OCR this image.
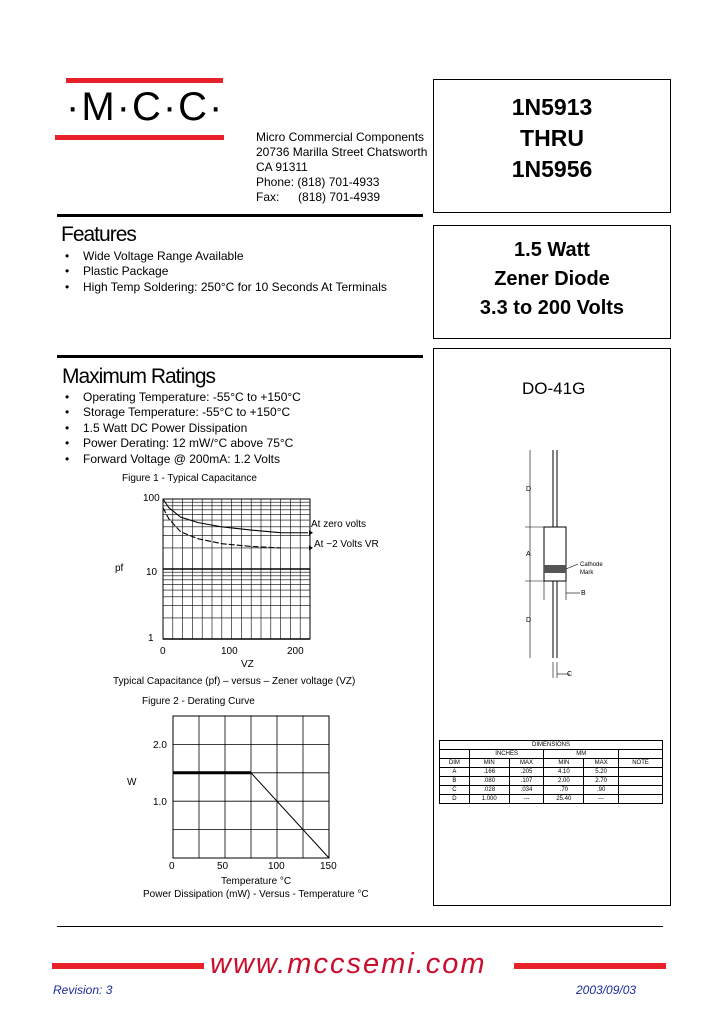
·M·C·C·
Micro Commercial Components
20736 Marilla Street Chatsworth
CA 91311
Phone: (818) 701-4933
Fax: (818) 701-4939
1N5913
THRU
1N5956
1.5 Watt
Zener Diode
3.3 to 200 Volts
Features
• Wide Voltage Range Available
• Plastic Package
• High Temp Soldering: 250°C for 10 Seconds At Terminals
Maximum Ratings
• Operating Temperature: -55°C to +150°C
• Storage Temperature: -55°C to +150°C
• 1.5 Watt DC Power Dissipation
• Power Derating: 12 mW/°C above 75°C
• Forward Voltage @ 200mA: 1.2 Volts
Figure 1 - Typical Capacitance
100
10
1
pf
0	100	200
VZ
At zero volts
At −2 Volts VR
Typical Capacitance (pf) – versus – Zener voltage (VZ)
Figure 2 - Derating Curve
2.0
1.0
W
0	50	100	150
Temperature °C
Power Dissipation (mW) - Versus - Temperature °C
DO-41G
D
A
B
D
C
Cathode Mark
DIMENSIONS					
	INCHES		MM		
DIM	MIN	MAX	MIN	MAX	NOTE
A	.166	.205	4.10	5.20	
B	.080	.107	2.00	2.70	
C	.028	.034	.70	.90	
D	1.000	---	25.40	---	
www.mccsemi.com
Revision: 3	2003/09/03
